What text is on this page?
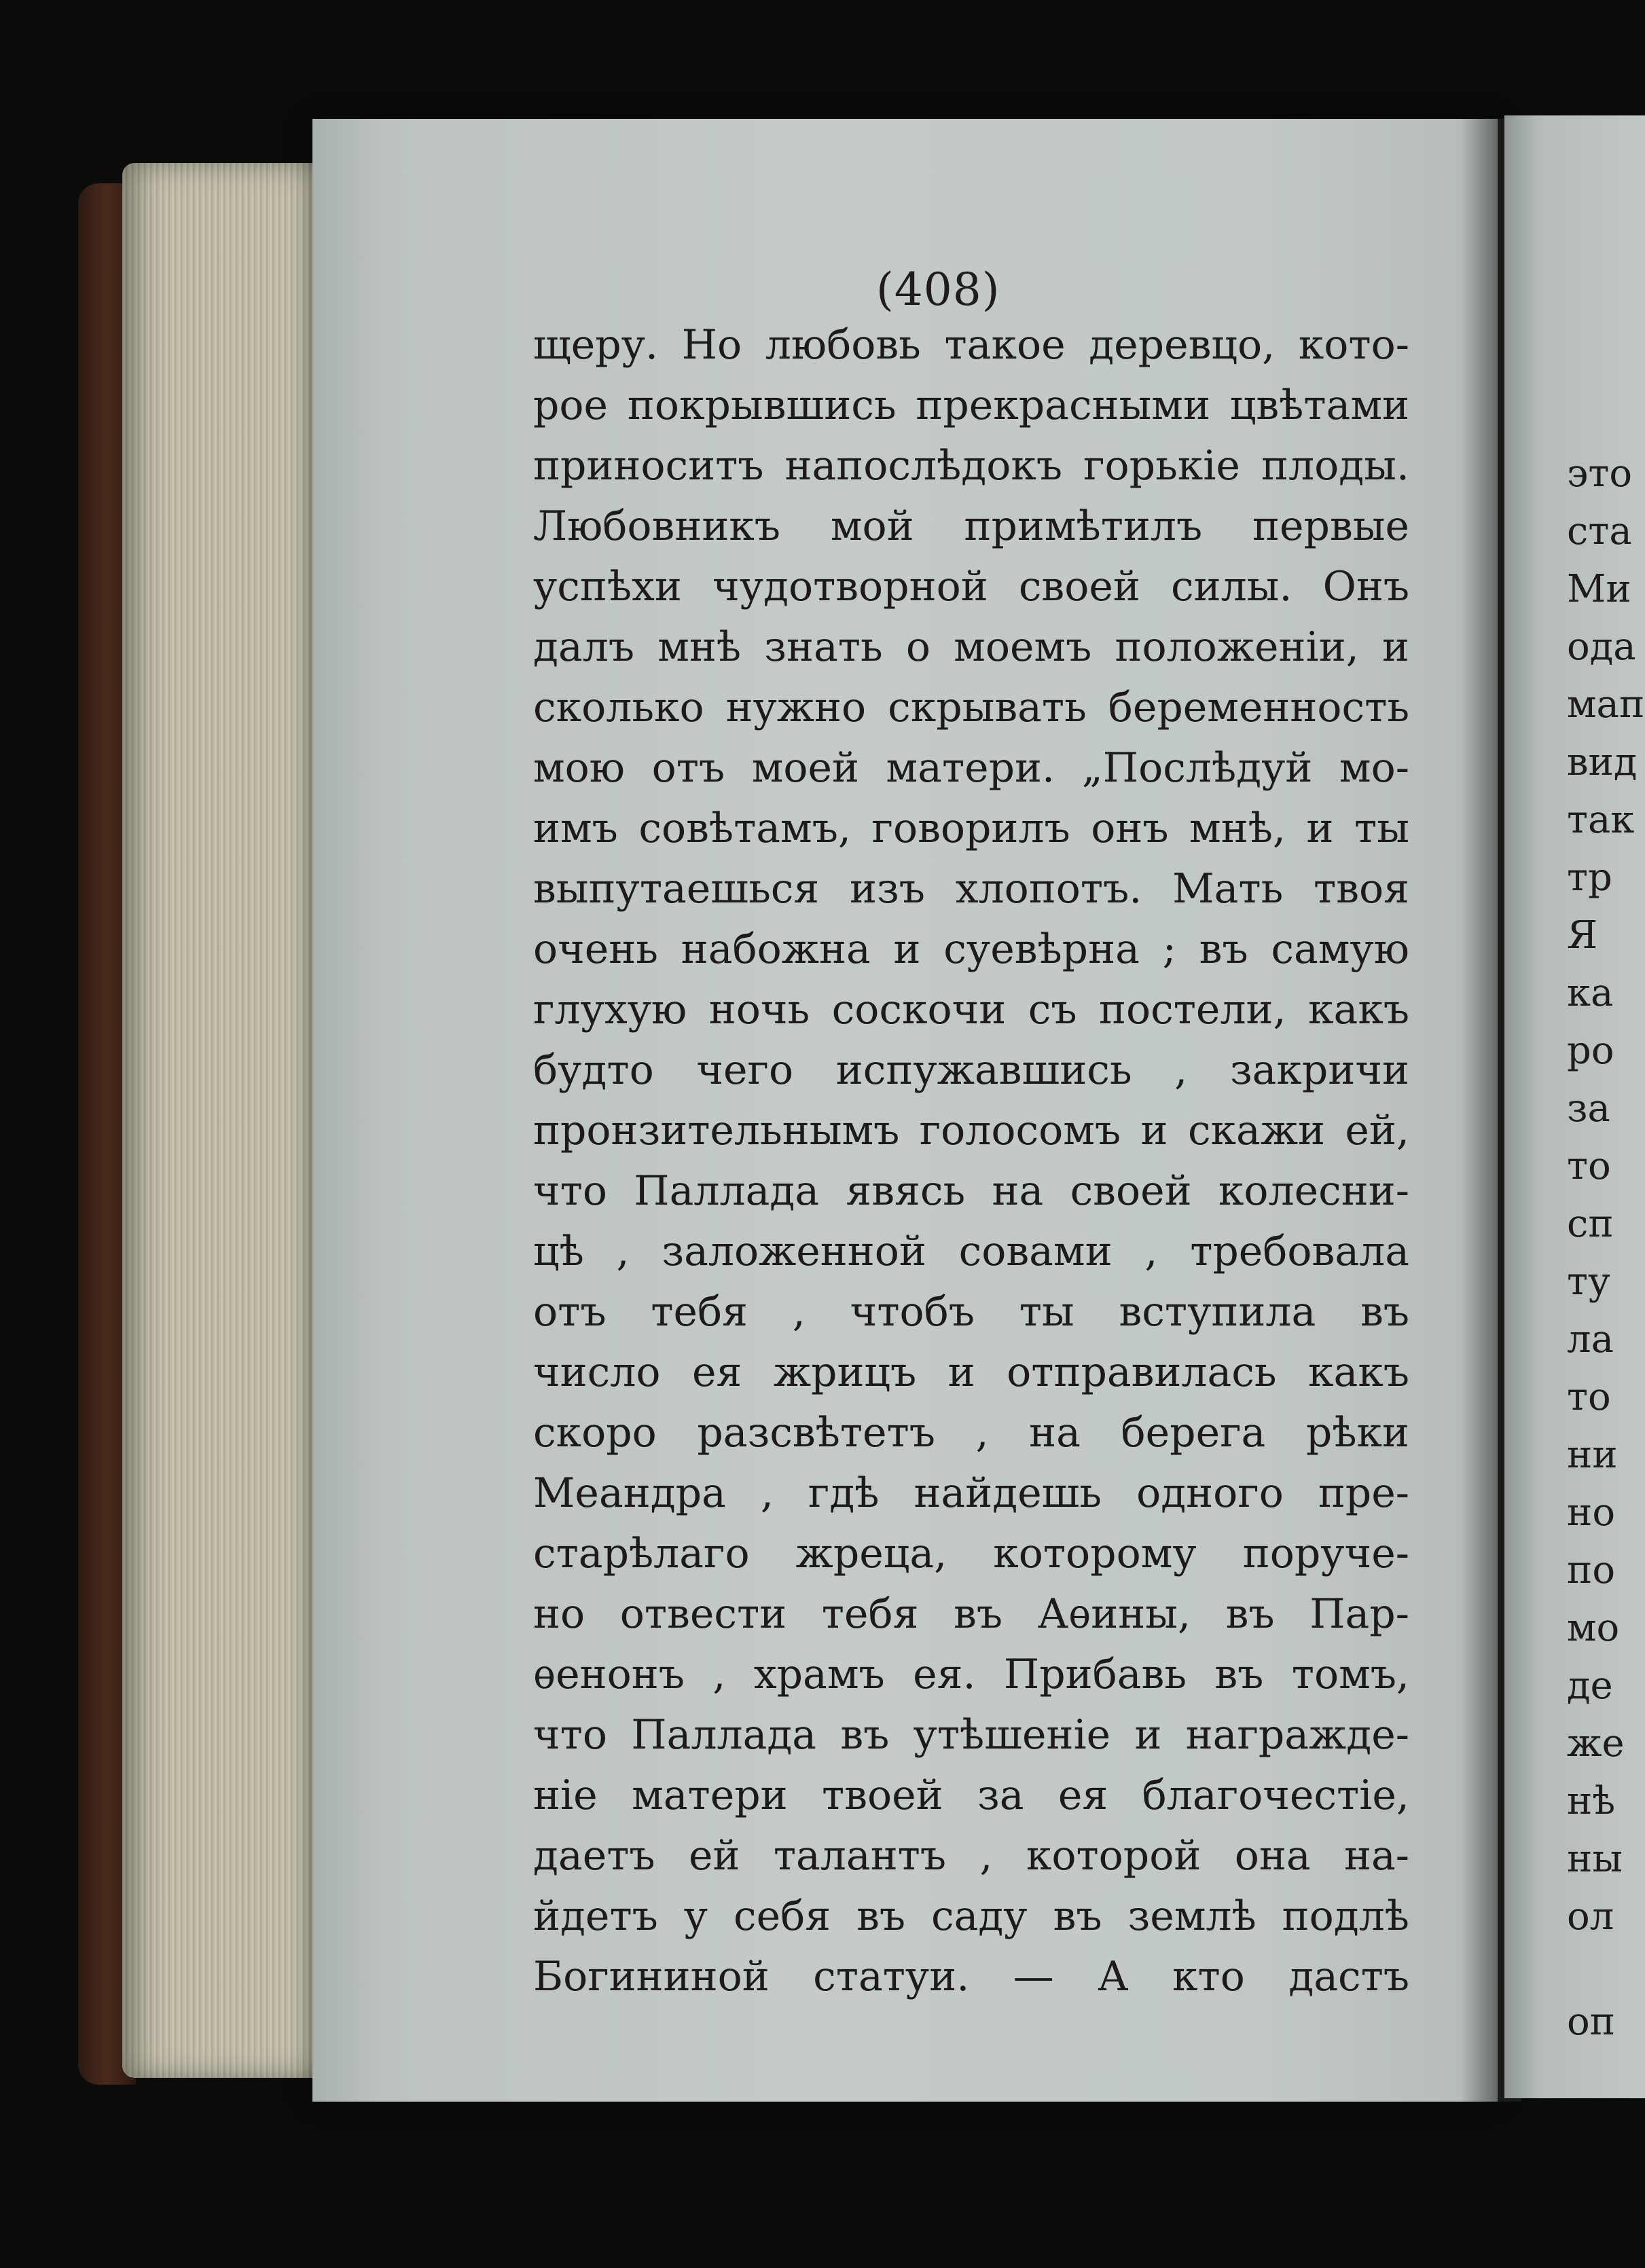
это
ста
Ми
ода
мап
вид
так
тр
Я
ка
ро
за
то
сп
ту
ла
то
ни
но
по
мо
де
же
нѣ
ны
ол
оп
(408)
щеру. Но любовь такое деревцо, кото-
рое покрывшись прекрасными цвѣтами
приноситъ напослѣдокъ горькіе плоды.
Любовникъ мой примѣтилъ первые
успѣхи чудотворной своей силы. Онъ
далъ мнѣ знать о моемъ положеніи, и
сколько нужно скрывать беременность
мою отъ моей матери. „Послѣдуй мо-
имъ совѣтамъ, говорилъ онъ мнѣ, и ты
выпутаешься изъ хлопотъ. Мать твоя
очень набожна и суевѣрна ; въ самую
глухую ночь соскочи съ постели, какъ
будто чего испужавшись , закричи
пронзительнымъ голосомъ и скажи ей,
что Паллада явясь на своей колесни-
цѣ , заложенной совами , требовала
отъ тебя , чтобъ ты вступила въ
число ея жрицъ и отправилась какъ
скоро разсвѣтетъ , на берега рѣки
Меандра , гдѣ найдешь одного пре-
старѣлаго жреца, которому поруче-
но отвести тебя въ Аѳины, въ Пар-
ѳенонъ , храмъ ея. Прибавь въ томъ,
что Паллада въ утѣшеніе и награжде-
ніе матери твоей за ея благочестіе,
даетъ ей талантъ , которой она на-
йдетъ у себя въ саду въ землѣ подлѣ
Богининой статуи. — А кто дастъ
